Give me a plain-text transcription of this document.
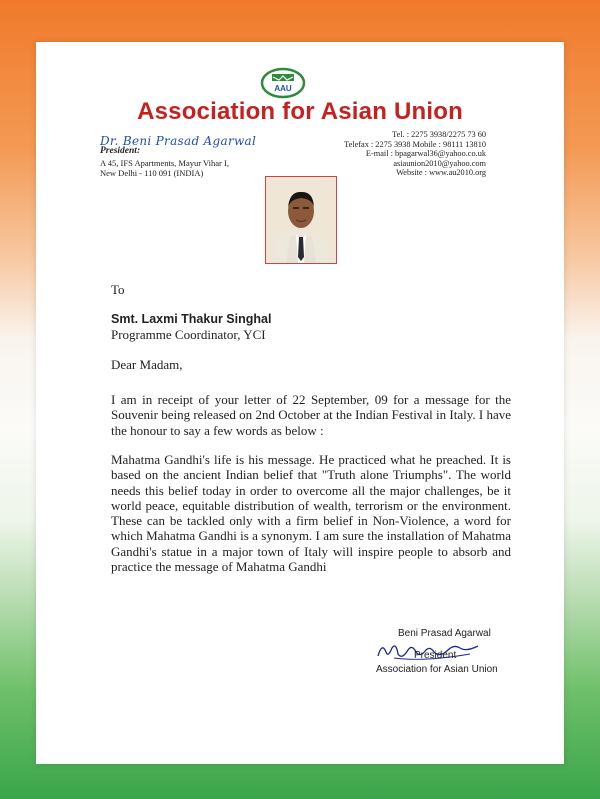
AAU
Association for Asian Union
Dr. Beni Prasad Agarwal
President:
A 45, IFS Apartments, Mayur Vihar I,
New Delhi - 110 091 (INDIA)
Tel. : 2275 3938/2275 73 60
Telefax : 2275 3938 Mobile : 98111 13810
E-mail : bpagarwal36@yahoo.co.uk
asiaunion2010@yahoo.com
Website : www.au2010.org

To

Smt. Laxmi Thakur Singhal

Programme Coordinator, YCI

Dear Madam,

I am in receipt of your letter of 22 September, 09 for a message for the Souvenir being released on 2nd October at the Indian Festival in Italy. I have the honour to say a few words as below :

Mahatma Gandhi's life is his message. He practiced what he preached. It is based on the ancient Indian belief that "Truth alone Triumphs". The world needs this belief today in order to overcome all the major challenges, be it world peace, equitable distribution of wealth, terrorism or the environment. These can be tackled only with a firm belief in Non-Violence, a word for which Mahatma Gandhi is a synonym. I am sure the installation of Mahatma Gandhi's statue in a major town of Italy will inspire people to absorb and practice the message of Mahatma Gandhi

Beni Prasad Agarwal
President
Association for Asian Union
